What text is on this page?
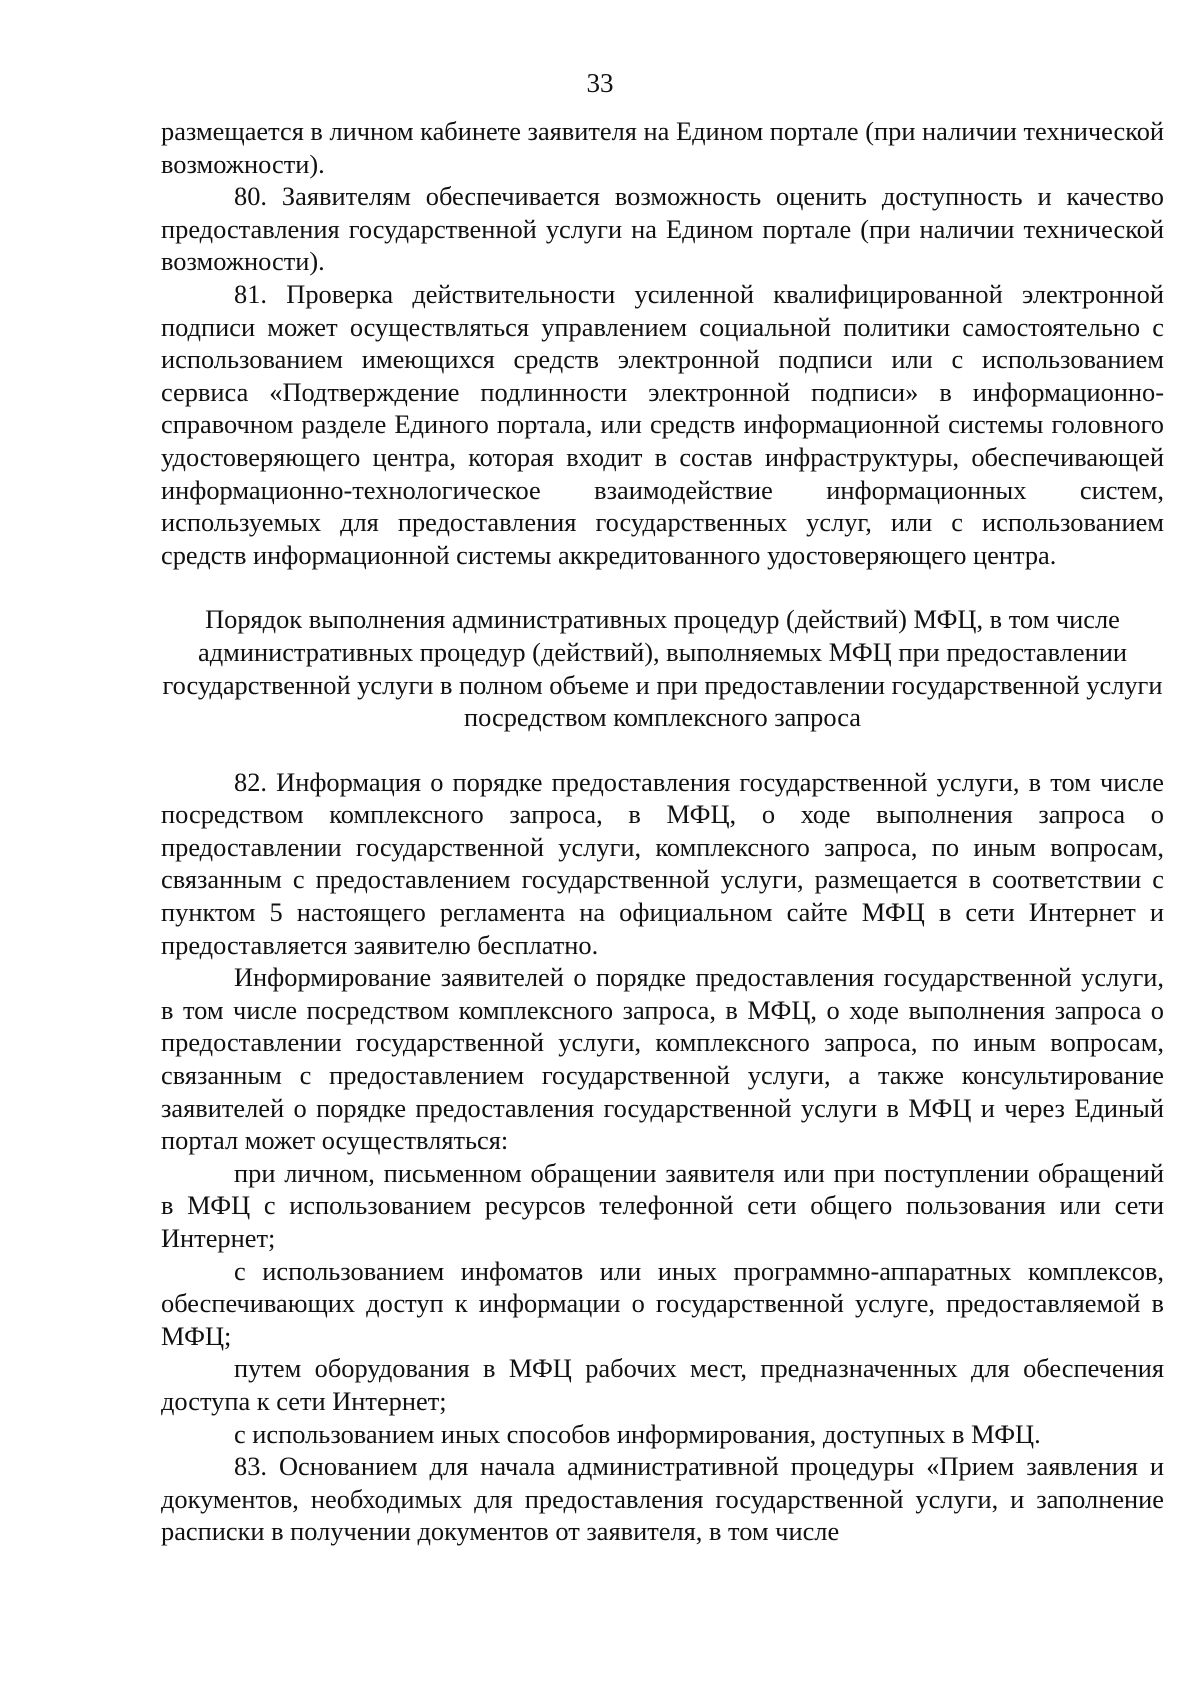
33

размещается в личном кабинете заявителя на Едином портале (при наличии технической возможности).

80. Заявителям обеспечивается возможность оценить доступность и качество предоставления государственной услуги на Едином портале (при наличии технической возможности).

81. Проверка действительности усиленной квалифицированной электронной подписи может осуществляться управлением социальной политики самостоятельно с использованием имеющихся средств электронной подписи или с использованием сервиса «Подтверждение подлинности электронной подписи» в информационно-справочном разделе Единого портала, или средств информационной системы головного удостоверяющего центра, которая входит в состав инфраструктуры, обеспечивающей информационно-технологическое взаимодействие информационных систем, используемых для предоставления государственных услуг, или с использованием средств информационной системы аккредитованного удостоверяющего центра.

Порядок выполнения административных процедур (действий) МФЦ, в том числе административных процедур (действий), выполняемых МФЦ при предоставлении государственной услуги в полном объеме и при предоставлении государственной услуги посредством комплексного запроса

82. Информация о порядке предоставления государственной услуги, в том числе посредством комплексного запроса, в МФЦ, о ходе выполнения запроса о предоставлении государственной услуги, комплексного запроса, по иным вопросам, связанным с предоставлением государственной услуги, размещается в соответствии с пунктом 5 настоящего регламента на официальном сайте МФЦ в сети Интернет и предоставляется заявителю бесплатно.

Информирование заявителей о порядке предоставления государственной услуги, в том числе посредством комплексного запроса, в МФЦ, о ходе выполнения запроса о предоставлении государственной услуги, комплексного запроса, по иным вопросам, связанным с предоставлением государственной услуги, а также консультирование заявителей о порядке предоставления государственной услуги в МФЦ и через Единый портал может осуществляться:

при личном, письменном обращении заявителя или при поступлении обращений в МФЦ с использованием ресурсов телефонной сети общего пользования или сети Интернет;

с использованием инфоматов или иных программно-аппаратных комплексов, обеспечивающих доступ к информации о государственной услуге, предоставляемой в МФЦ;

путем оборудования в МФЦ рабочих мест, предназначенных для обеспечения доступа к сети Интернет;

с использованием иных способов информирования, доступных в МФЦ.

83. Основанием для начала административной процедуры «Прием заявления и документов, необходимых для предоставления государственной услуги, и заполнение расписки в получении документов от заявителя, в том числе
